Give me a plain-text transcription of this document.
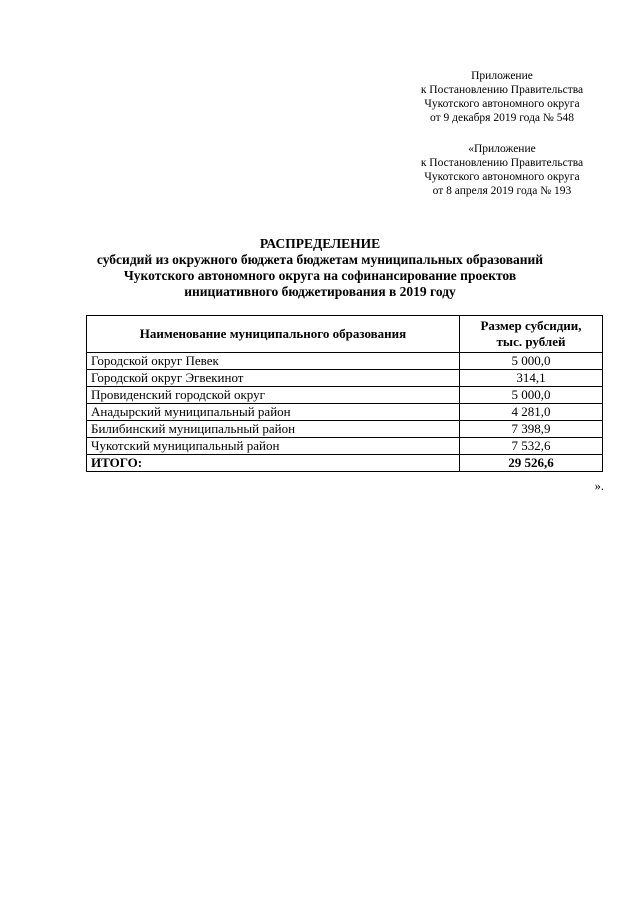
Приложение
к Постановлению Правительства
Чукотского автономного округа
от 9 декабря 2019 года № 548
«Приложение
к Постановлению Правительства
Чукотского автономного округа
от 8 апреля 2019 года № 193
РАСПРЕДЕЛЕНИЕ
субсидий из окружного бюджета бюджетам муниципальных образований
Чукотского автономного округа на софинансирование проектов
инициативного бюджетирования в 2019 году
Наименование муниципального образования	Размер субсидии,
тыс. рублей
Городской округ Певек	5 000,0
Городской округ Эгвекинот	314,1
Провиденский городской округ	5 000,0
Анадырский муниципальный район	4 281,0
Билибинский муниципальный район	7 398,9
Чукотский муниципальный район	7 532,6
ИТОГО:	29 526,6
».
